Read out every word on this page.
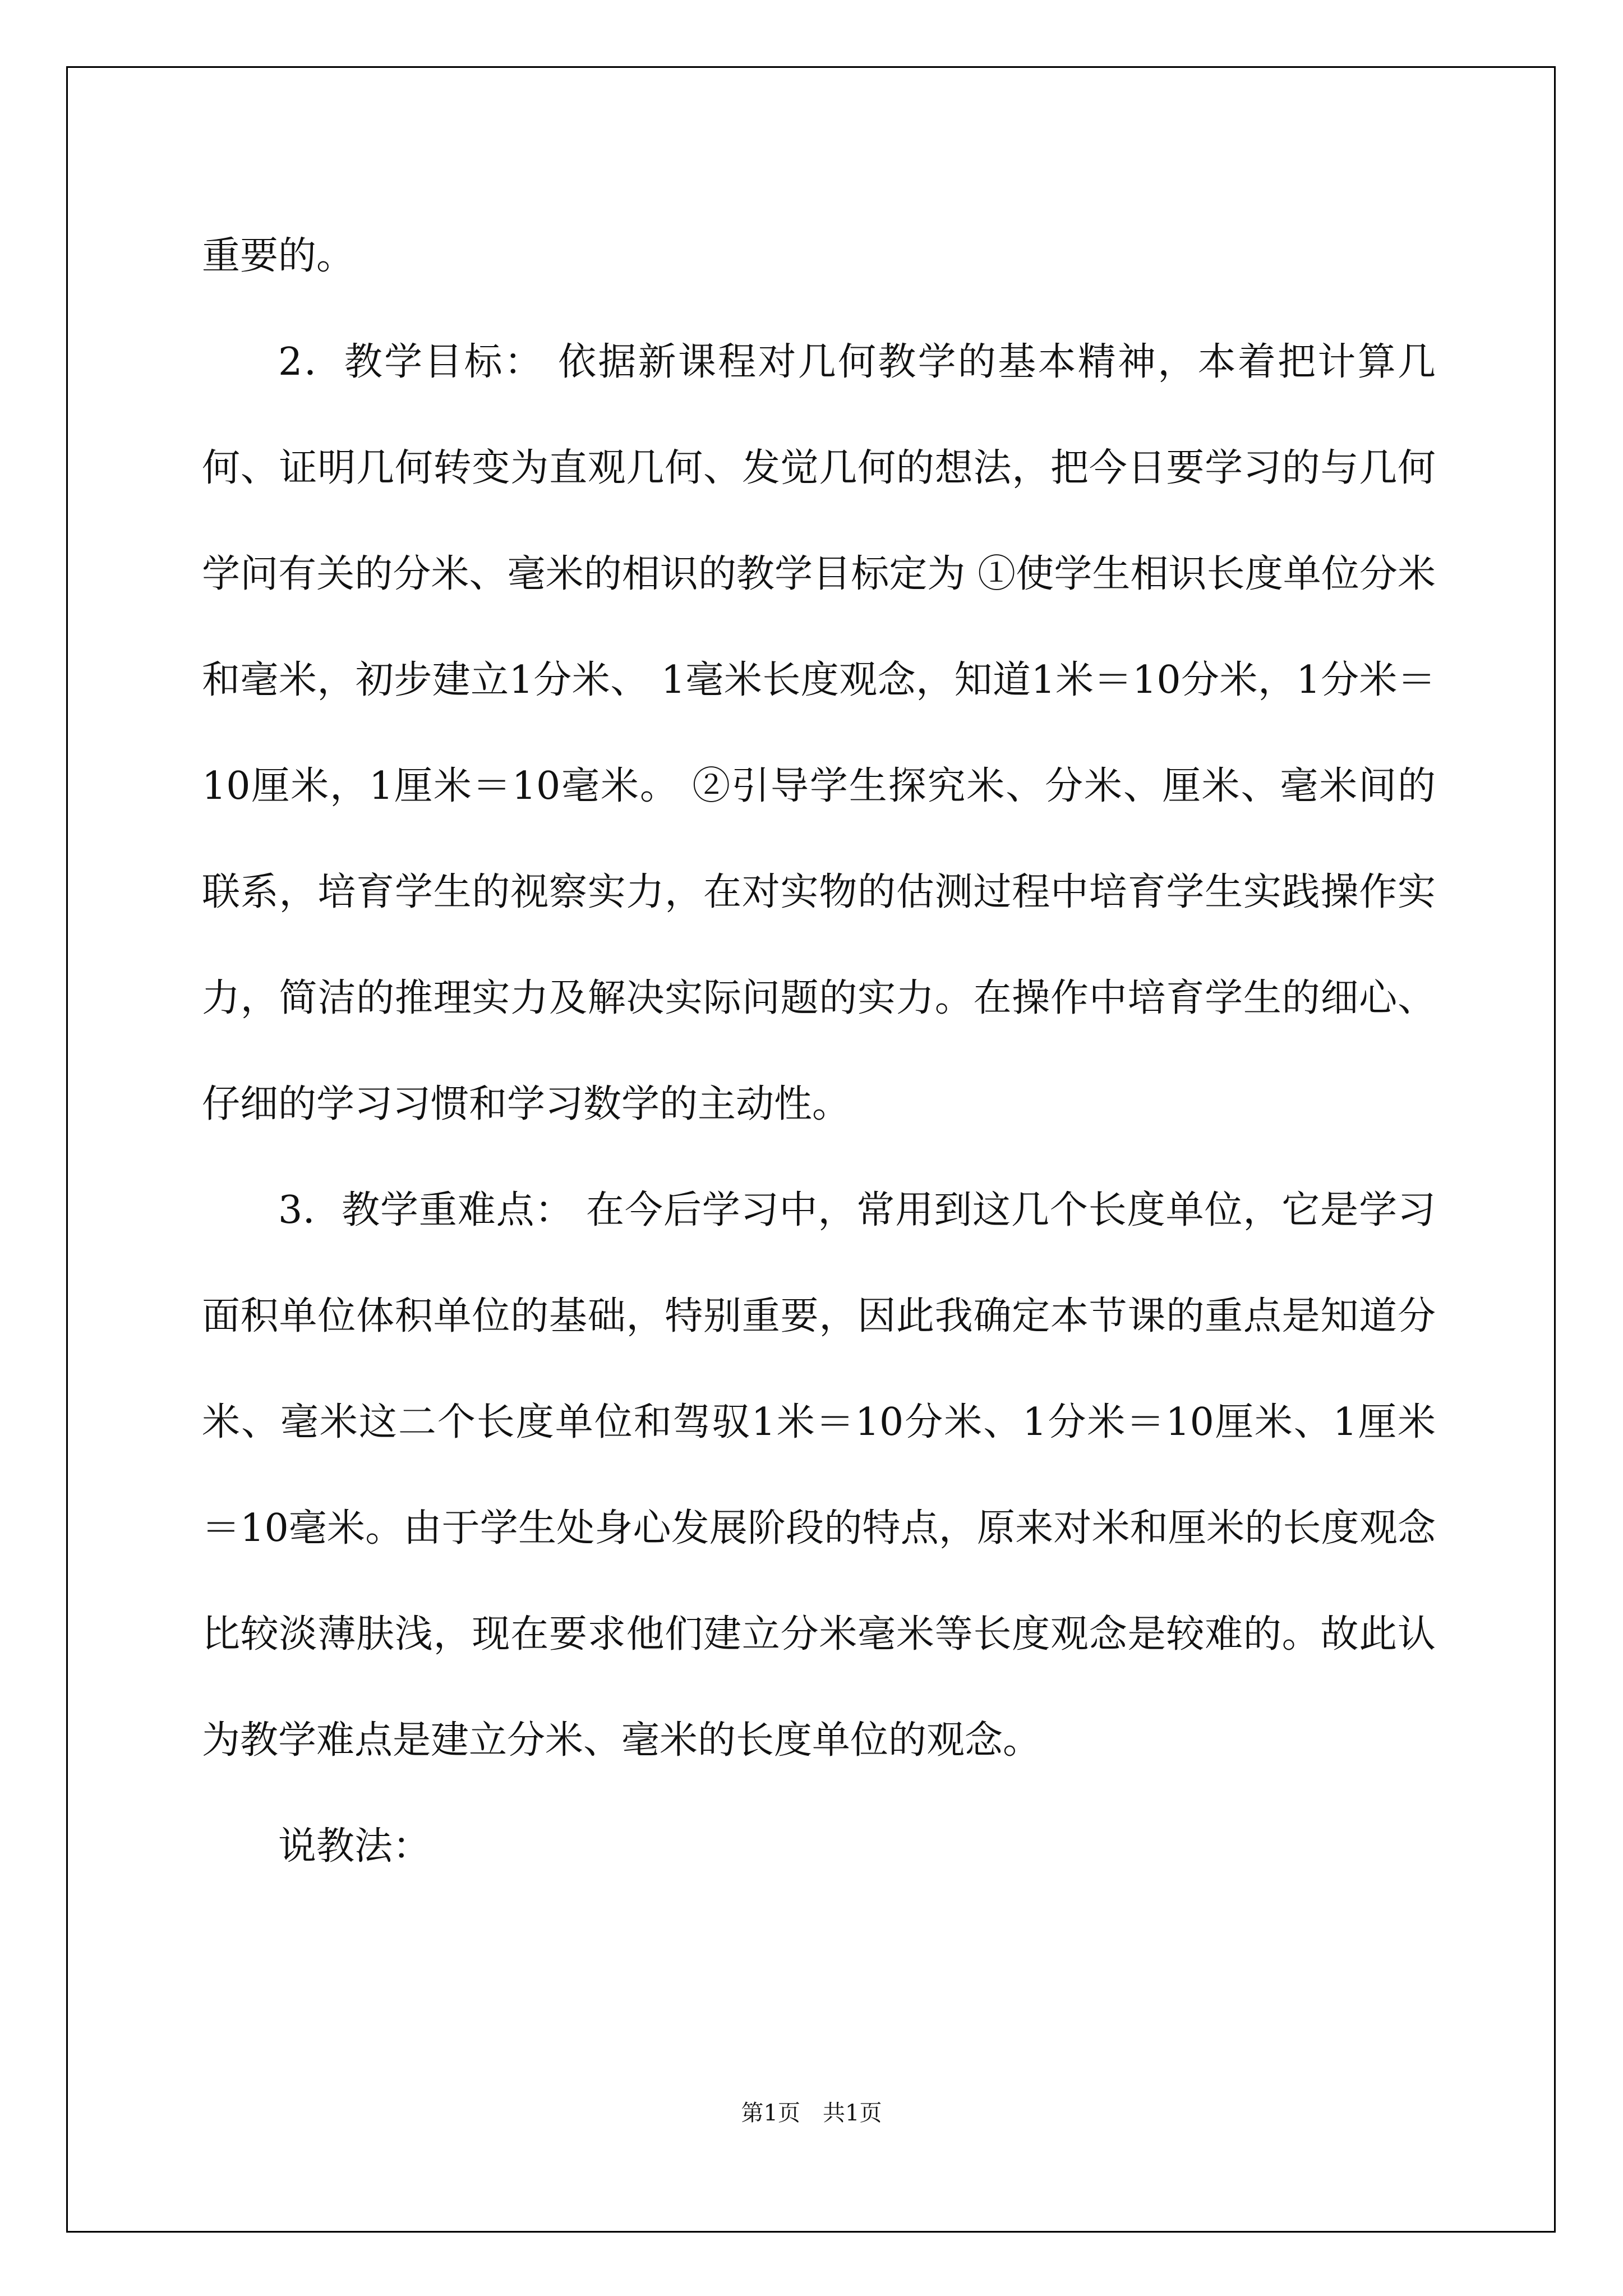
重要的。

2．教学目标： 依据新课程对几何教学的基本精神，本着把计算几何、证明几何转变为直观几何、发觉几何的想法，把今日要学习的与几何学问有关的分米、毫米的相识的教学目标定为 ①使学生相识长度单位分米和毫米，初步建立1分米、 1毫米长度观念，知道1米＝10分米，1分米＝10厘米，1厘米＝10毫米。 ②引导学生探究米、分米、厘米、毫米间的联系，培育学生的视察实力，在对实物的估测过程中培育学生实践操作实力，简洁的推理实力及解决实际问题的实力。在操作中培育学生的细心、仔细的学习习惯和学习数学的主动性。

3．教学重难点： 在今后学习中，常用到这几个长度单位，它是学习面积单位体积单位的基础，特别重要，因此我确定本节课的重点是知道分米、毫米这二个长度单位和驾驭1米＝10分米、1分米＝10厘米、1厘米＝10毫米。由于学生处身心发展阶段的特点，原来对米和厘米的长度观念比较淡薄肤浅，现在要求他们建立分米毫米等长度观念是较难的。故此认为教学难点是建立分米、毫米的长度单位的观念。

说教法：

第1页　共1页
